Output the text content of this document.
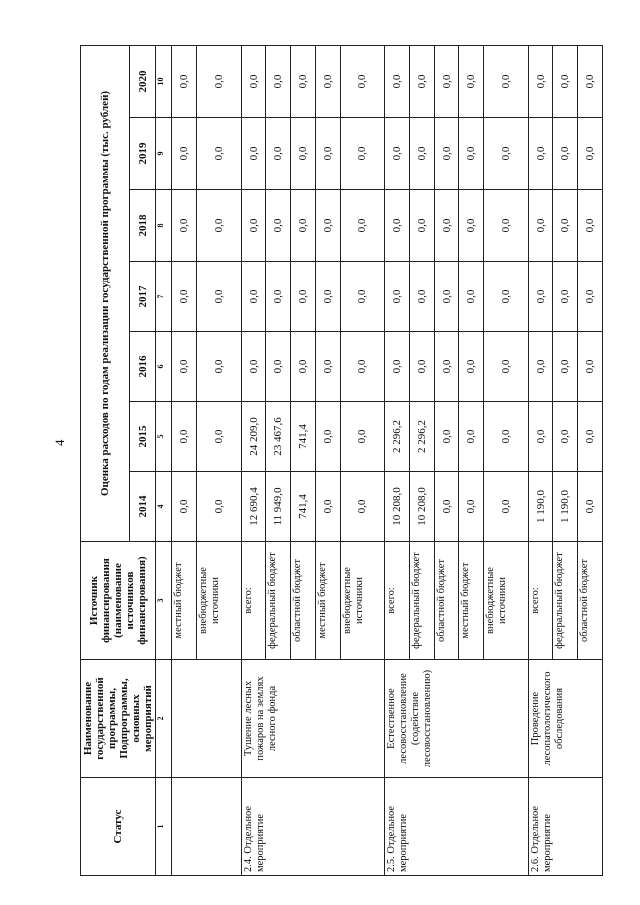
4
Статус	Наименование государственной программы, Подпрограммы, основных мероприятий	Источник финансирования (наименование источников финансирования)	Оценка расходов по годам реализации государственной программы (тыс. рублей)						
			2014	2015	2016	2017	2018	2019	2020
1	2	3	4	5	6	7	8	9	10
		местный бюджет	0,0	0,0	0,0	0,0	0,0	0,0	0,0
		внебюджетные источники	0,0	0,0	0,0	0,0	0,0	0,0	0,0
2.4. Отдельное мероприятие	Тушение лесных пожаров на землях лесного фонда	всего:	12 690,4	24 209,0	0,0	0,0	0,0	0,0	0,0
		федеральный бюджет	11 949,0	23 467,6	0,0	0,0	0,0	0,0	0,0
		областной бюджет	741,4	741,4	0,0	0,0	0,0	0,0	0,0
		местный бюджет	0,0	0,0	0,0	0,0	0,0	0,0	0,0
		внебюджетные источники	0,0	0,0	0,0	0,0	0,0	0,0	0,0
2.5. Отдельное мероприятие	Естественное лесовосстановление (содействие лесовосстановлению)	всего:	10 208,0	2 296,2	0,0	0,0	0,0	0,0	0,0
		федеральный бюджет	10 208,0	2 296,2	0,0	0,0	0,0	0,0	0,0
		областной бюджет	0,0	0,0	0,0	0,0	0,0	0,0	0,0
		местный бюджет	0,0	0,0	0,0	0,0	0,0	0,0	0,0
		внебюджетные источники	0,0	0,0	0,0	0,0	0,0	0,0	0,0
2.6. Отдельное мероприятие	Проведение лесопатологического обследования	всего:	1 190,0	0,0	0,0	0,0	0,0	0,0	0,0
		федеральный бюджет	1 190,0	0,0	0,0	0,0	0,0	0,0	0,0
		областной бюджет	0,0	0,0	0,0	0,0	0,0	0,0	0,0
